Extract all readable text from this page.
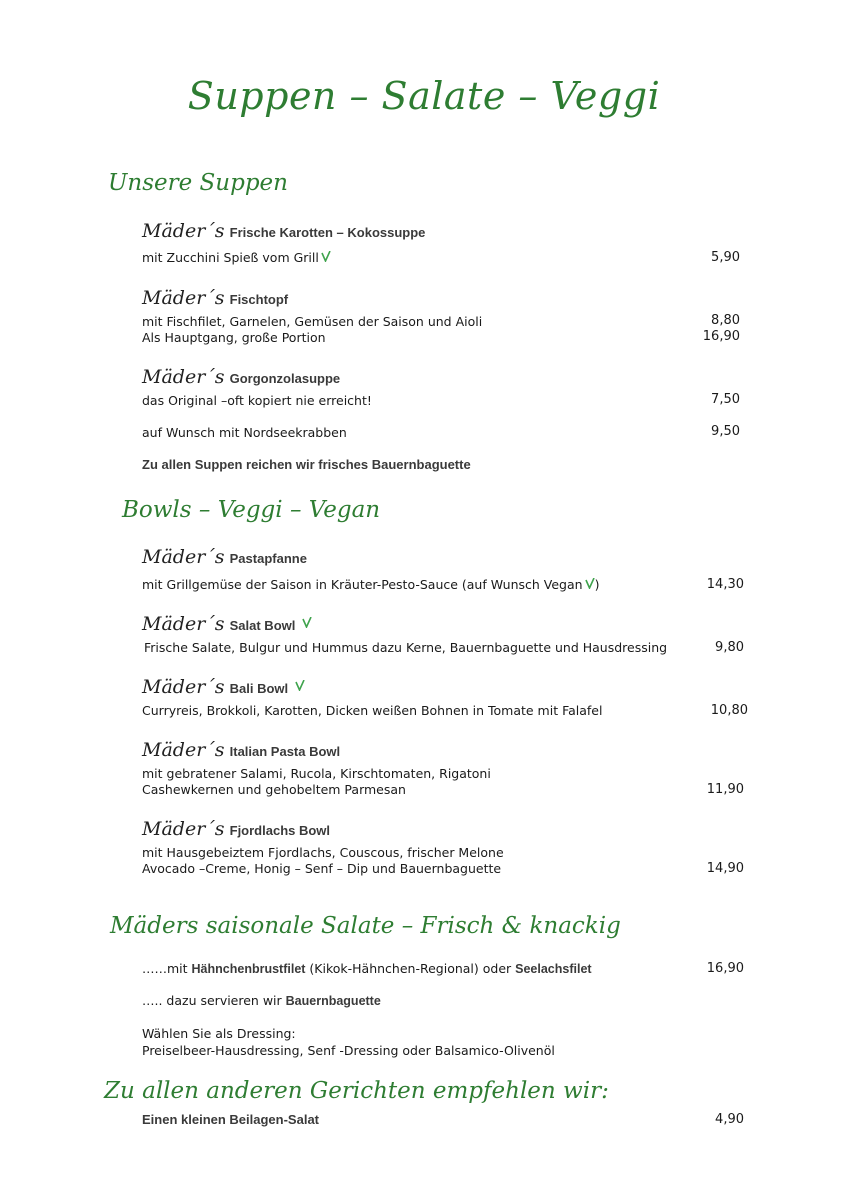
Suppen – Salate – Veggi
Unsere Suppen
Mäder´s Frische Karotten – Kokossuppe
mit Zucchini Spieß vom Grill	5,90
Mäder´s Fischtopf
mit Fischfilet, Garnelen, Gemüsen der Saison und Aioli	8,80
Als Hauptgang, große Portion	16,90
Mäder´s Gorgonzolasuppe
das Original –oft kopiert nie erreicht!	7,50
auf Wunsch mit Nordseekrabben	9,50
Zu allen Suppen reichen wir frisches Bauernbaguette
Bowls – Veggi – Vegan
Mäder´s Pastapfanne
mit Grillgemüse der Saison in Kräuter-Pesto-Sauce (auf Wunsch Vegan )	14,30
Mäder´s Salat Bowl
Frische Salate, Bulgur und Hummus dazu Kerne, Bauernbaguette und Hausdressing	9,80
Mäder´s Bali Bowl
Curryreis, Brokkoli, Karotten, Dicken weißen Bohnen in Tomate mit Falafel	10,80
Mäder´s Italian Pasta Bowl
mit gebratener Salami, Rucola, Kirschtomaten, Rigatoni
Cashewkernen und gehobeltem Parmesan	11,90
Mäder´s Fjordlachs Bowl
mit Hausgebeiztem Fjordlachs, Couscous, frischer Melone
Avocado –Creme, Honig – Senf – Dip und Bauernbaguette	14,90
Mäders saisonale Salate – Frisch & knackig
……mit Hähnchenbrustfilet (Kikok-Hähnchen-Regional) oder Seelachsfilet	16,90
….. dazu servieren wir Bauernbaguette
Wählen Sie als Dressing:
Preiselbeer-Hausdressing, Senf -Dressing oder Balsamico-Olivenöl
Zu allen anderen Gerichten empfehlen wir:
Einen kleinen Beilagen-Salat	4,90
